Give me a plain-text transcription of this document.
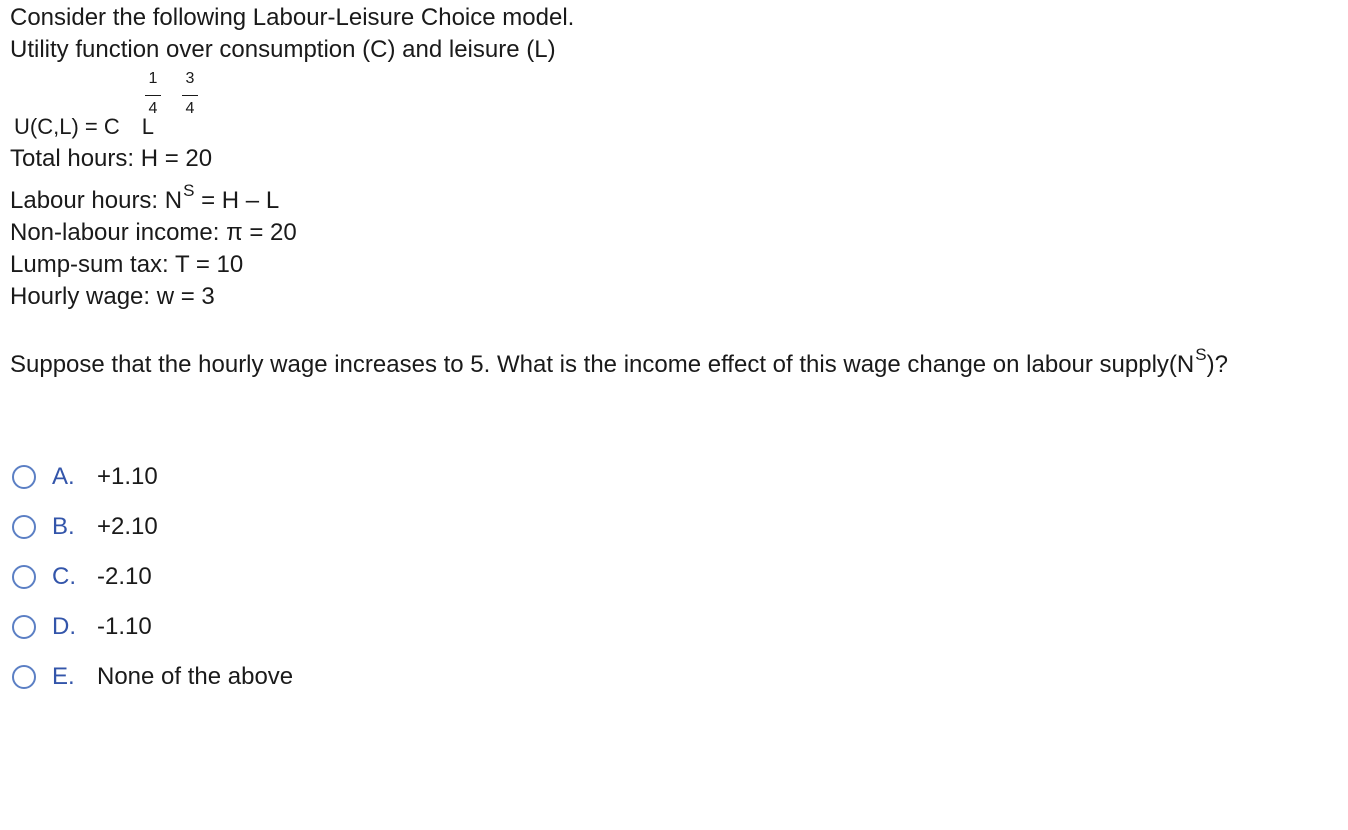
Consider the following Labour-Leisure Choice model.
Utility function over consumption (C) and leisure (L)
1
4
3
4
U(C,L) = C L
Total hours: H = 20
Labour hours: $N^S = H - L$
Non-labour income: π = 20
Lump-sum tax: T = 10
Hourly wage: w = 3
Suppose that the hourly wage increases to 5. What is the income effect of this wage change on labour $supply(N^S)$?
A. +1.10
B. +2.10
C. -2.10
D. -1.10
E. None of the above
